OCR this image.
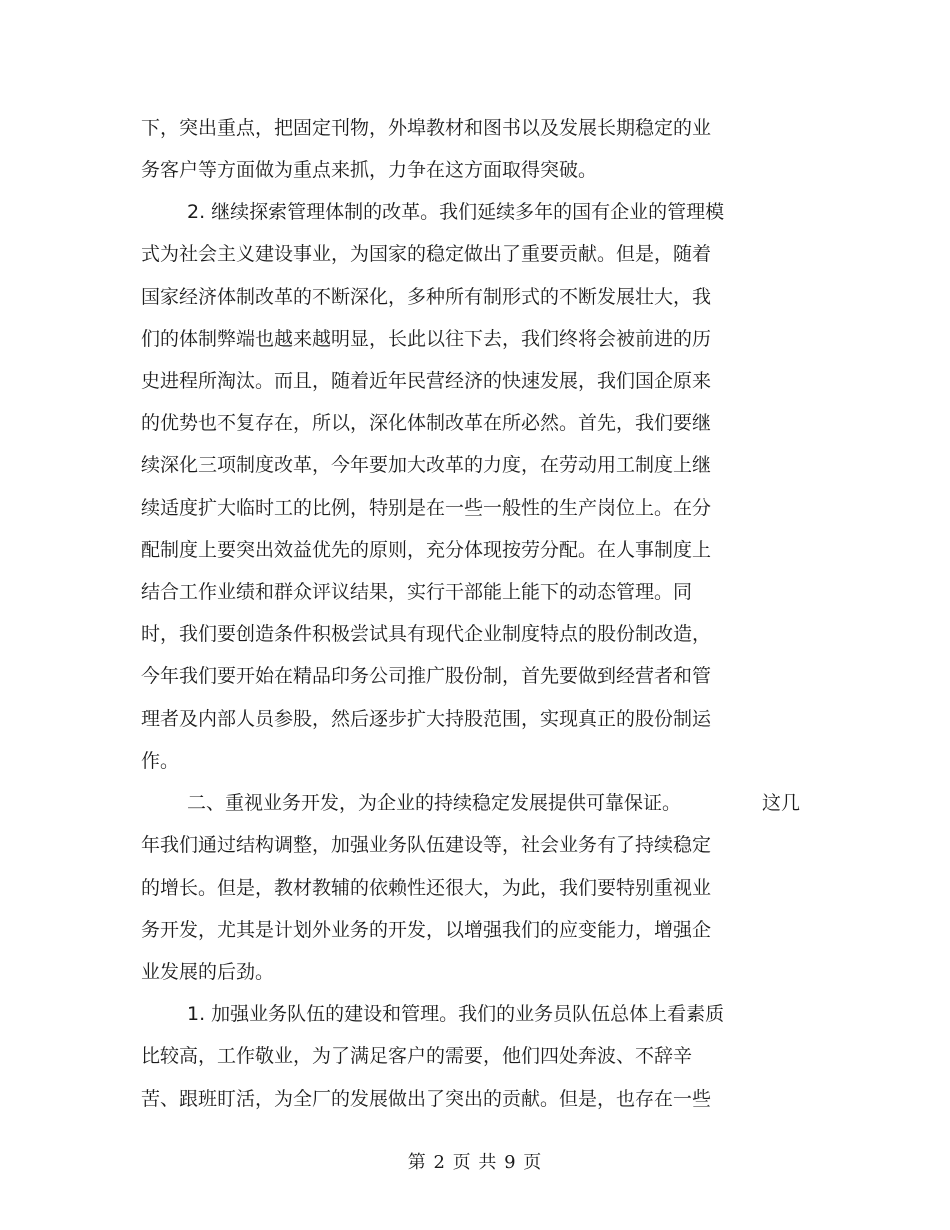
下，突出重点，把固定刊物，外埠教材和图书以及发展长期稳定的业
务客户等方面做为重点来抓，力争在这方面取得突破。
2. 继续探索管理体制的改革。我们延续多年的国有企业的管理模
式为社会主义建设事业，为国家的稳定做出了重要贡献。但是，随着
国家经济体制改革的不断深化，多种所有制形式的不断发展壮大，我
们的体制弊端也越来越明显，长此以往下去，我们终将会被前进的历
史进程所淘汰。而且，随着近年民营经济的快速发展，我们国企原来
的优势也不复存在，所以，深化体制改革在所必然。首先，我们要继
续深化三项制度改革，今年要加大改革的力度，在劳动用工制度上继
续适度扩大临时工的比例，特别是在一些一般性的生产岗位上。在分
配制度上要突出效益优先的原则，充分体现按劳分配。在人事制度上
结合工作业绩和群众评议结果，实行干部能上能下的动态管理。同
时，我们要创造条件积极尝试具有现代企业制度特点的股份制改造，
今年我们要开始在精品印务公司推广股份制，首先要做到经营者和管
理者及内部人员参股，然后逐步扩大持股范围，实现真正的股份制运
作。
二、重视业务开发，为企业的持续稳定发展提供可靠保证。	这几
年我们通过结构调整，加强业务队伍建设等，社会业务有了持续稳定
的增长。但是，教材教辅的依赖性还很大，为此，我们要特别重视业
务开发，尤其是计划外业务的开发，以增强我们的应变能力，增强企
业发展的后劲。
1. 加强业务队伍的建设和管理。我们的业务员队伍总体上看素质
比较高，工作敬业，为了满足客户的需要，他们四处奔波、不辞辛
苦、跟班盯活，为全厂的发展做出了突出的贡献。但是，也存在一些
第 2 页 共 9 页
